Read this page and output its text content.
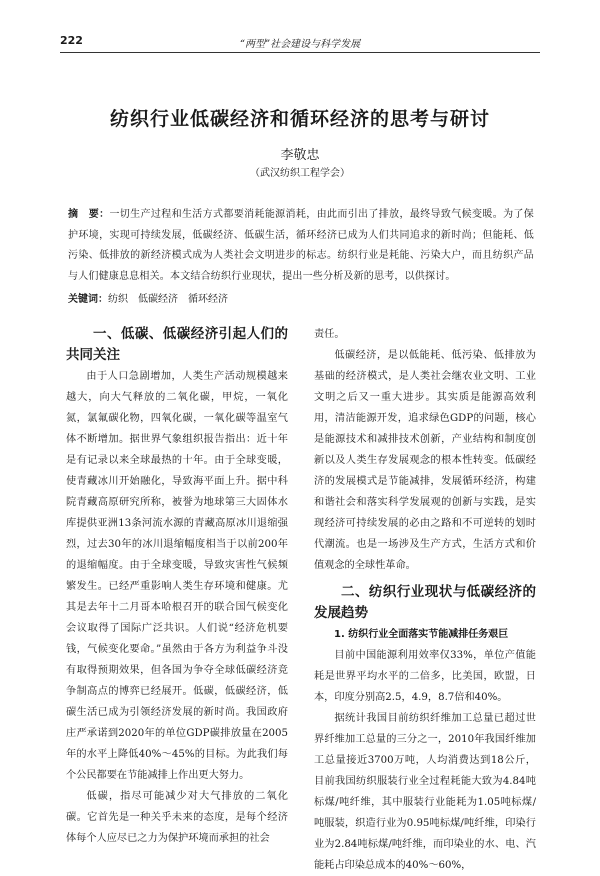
222	“两型”社会建设与科学发展
纺织行业低碳经济和循环经济的思考与研讨
李敬忠
（武汉纺织工程学会）
摘　要：一切生产过程和生活方式都要消耗能源消耗，由此而引出了排放，最终导致气候变暖。为了保护环境，实现可持续发展，低碳经济、低碳生活，循环经济已成为人们共同追求的新时尚；但能耗、低污染、低排放的新经济模式成为人类社会文明进步的标志。纺织行业是耗能、污染大户，而且纺织产品与人们健康息息相关。本文结合纺织行业现状，提出一些分析及新的思考，以供探讨。
关键词：纺织　低碳经济　循环经济

一、低碳、低碳经济引起人们的共同关注

由于人口急剧增加，人类生产活动规模越来越大，向大气释放的二氧化碳，甲烷，一氧化氮，氯氟碳化物，四氧化碳，一氧化碳等温室气体不断增加。据世界气象组织报告指出：近十年是有记录以来全球最热的十年。由于全球变暖，使青藏冰川开始融化，导致海平面上升。据中科院青藏高原研究所称，被誉为地球第三大固体水库提供亚洲13条河流水源的青藏高原冰川退缩强烈，过去30年的冰川退缩幅度相当于以前200年的退缩幅度。由于全球变暖，导致灾害性气候频繁发生。已经严重影响人类生存环境和健康。尤其是去年十二月哥本哈根召开的联合国气候变化会议取得了国际广泛共识。人们说“经济危机要钱，气候变化要命。”虽然由于各方为利益争斗没有取得预期效果，但各国为争夺全球低碳经济竞争制高点的博弈已经展开。低碳，低碳经济，低碳生活已成为引领经济发展的新时尚。我国政府庄严承诺到2020年的单位GDP碳排放量在2005年的水平上降低40%～45%的目标。为此我们每个公民都要在节能减排上作出更大努力。

低碳，指尽可能减少对大气排放的二氧化碳。它首先是一种关乎未来的态度，是每个经济体每个人应尽已之力为保护环境而承担的社会

责任。

低碳经济，是以低能耗、低污染、低排放为基础的经济模式，是人类社会继农业文明、工业文明之后又一重大进步。其实质是能源高效利用，清洁能源开发，追求绿色GDP的问题，核心是能源技术和减排技术创新，产业结构和制度创新以及人类生存发展观念的根本性转变。低碳经济的发展模式是节能减排，发展循环经济，构建和谐社会和落实科学发展观的创新与实践，是实现经济可持续发展的必由之路和不可逆转的划时代潮流。也是一场涉及生产方式，生活方式和价值观念的全球性革命。

二、纺织行业现状与低碳经济的发展趋势

1. 纺织行业全面落实节能减排任务艰巨

目前中国能源利用效率仅33%，单位产值能耗是世界平均水平的二倍多，比美国，欧盟，日本，印度分别高2.5，4.9，8.7倍和40%。

据统计我国目前纺织纤维加工总量已超过世界纤维加工总量的三分之一，2010年我国纤维加工总量接近3700万吨，人均消费达到18公斤，目前我国纺织服装行业全过程耗能大致为4.84吨标煤/吨纤维，其中服装行业能耗为1.05吨标煤/吨服装，织造行业为0.95吨标煤/吨纤维，印染行业为2.84吨标煤/吨纤维，而印染业的水、电、汽能耗占印染总成本的40%～60%，
